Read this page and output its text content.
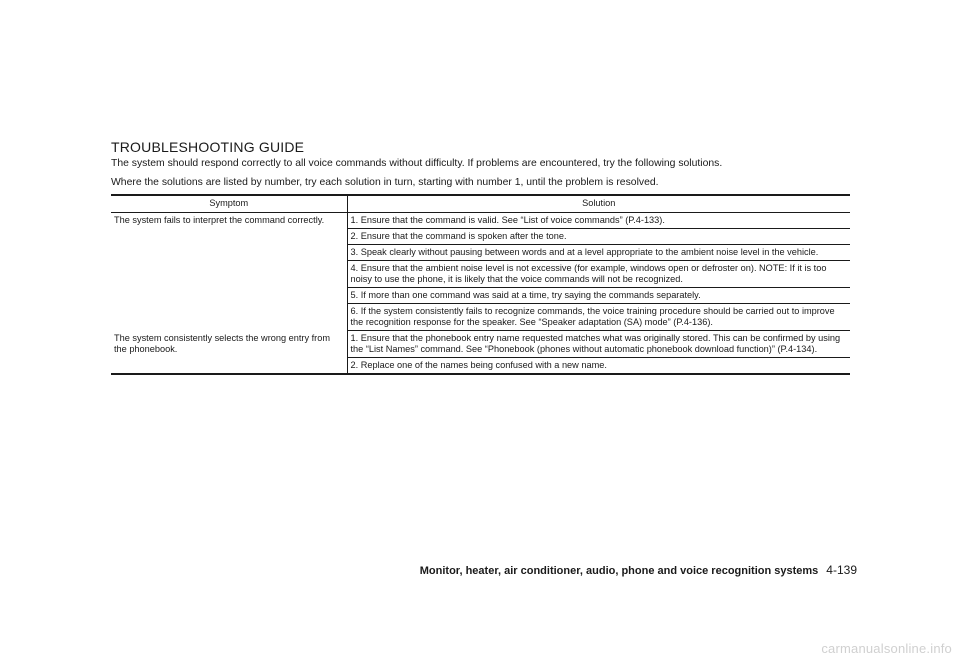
TROUBLESHOOTING GUIDE

The system should respond correctly to all voice commands without difficulty. If problems are encountered, try the following solutions.

Where the solutions are listed by number, try each solution in turn, starting with number 1, until the problem is resolved.

Symptom	Solution
The system fails to interpret the command correctly.	1. Ensure that the command is valid. See “List of voice commands” (P.4-133).
	2. Ensure that the command is spoken after the tone.
	3. Speak clearly without pausing between words and at a level appropriate to the ambient noise level in the vehicle.
	4. Ensure that the ambient noise level is not excessive (for example, windows open or defroster on). NOTE: If it is too noisy to use the phone, it is likely that the voice commands will not be recognized.
	5. If more than one command was said at a time, try saying the commands separately.
	6. If the system consistently fails to recognize commands, the voice training procedure should be carried out to improve the recognition response for the speaker. See “Speaker adaptation (SA) mode” (P.4-136).
The system consistently selects the wrong entry from the phonebook.	1. Ensure that the phonebook entry name requested matches what was originally stored. This can be confirmed by using the “List Names” command. See “Phonebook (phones without automatic phonebook download function)” (P.4-134).
	2. Replace one of the names being confused with a new name.
Monitor, heater, air conditioner, audio, phone and voice recognition systems 4-139
carmanualsonline.info
